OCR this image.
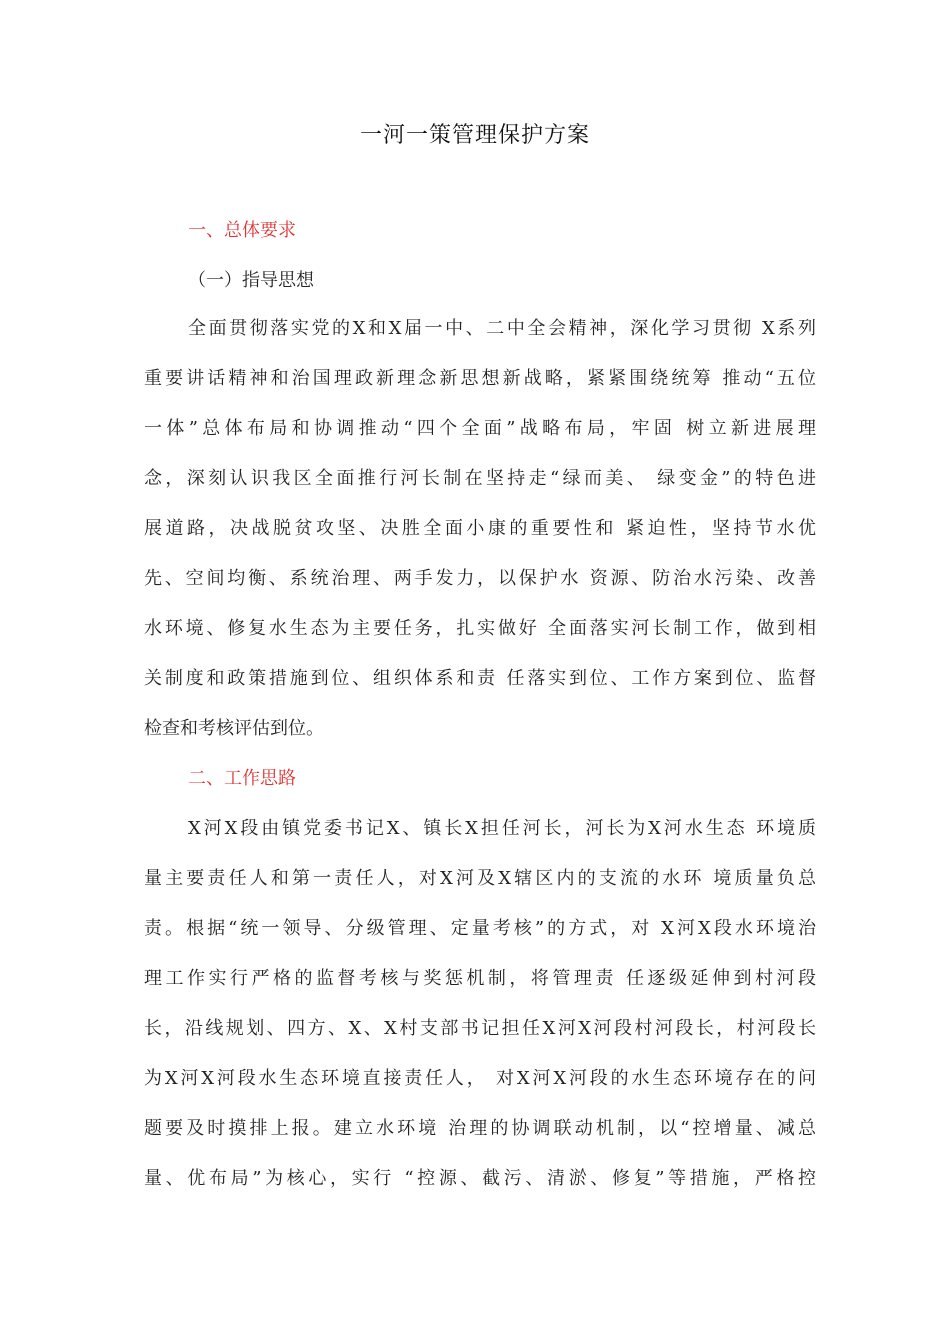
一河一策管理保护方案
一、总体要求
（一）指导思想
全面贯彻落实党的X和X届一中、二中全会精神，深化学习贯彻 X系列
重要讲话精神和治国理政新理念新思想新战略，紧紧围绕统筹 推动“五位
一体”总体布局和协调推动“四个全面”战略布局，牢固 树立新进展理
念，深刻认识我区全面推行河长制在坚持走“绿而美、 绿变金”的特色进
展道路，决战脱贫攻坚、决胜全面小康的重要性和 紧迫性，坚持节水优
先、空间均衡、系统治理、两手发力，以保护水 资源、防治水污染、改善
水环境、修复水生态为主要任务，扎实做好 全面落实河长制工作，做到相
关制度和政策措施到位、组织体系和责 任落实到位、工作方案到位、监督
检查和考核评估到位。
二、工作思路
X河X段由镇党委书记X、镇长X担任河长，河长为X河水生态 环境质
量主要责任人和第一责任人，对X河及X辖区内的支流的水环 境质量负总
责。根据“统一领导、分级管理、定量考核”的方式，对 X河X段水环境治
理工作实行严格的监督考核与奖惩机制，将管理责 任逐级延伸到村河段
长，沿线规划、四方、X、X村支部书记担任X河X河段村河段长，村河段长
为X河X河段水生态环境直接责任人， 对X河X河段的水生态环境存在的问
题要及时摸排上报。建立水环境 治理的协调联动机制，以“控增量、减总
量、优布局”为核心，实行 “控源、截污、清淤、修复”等措施，严格控
